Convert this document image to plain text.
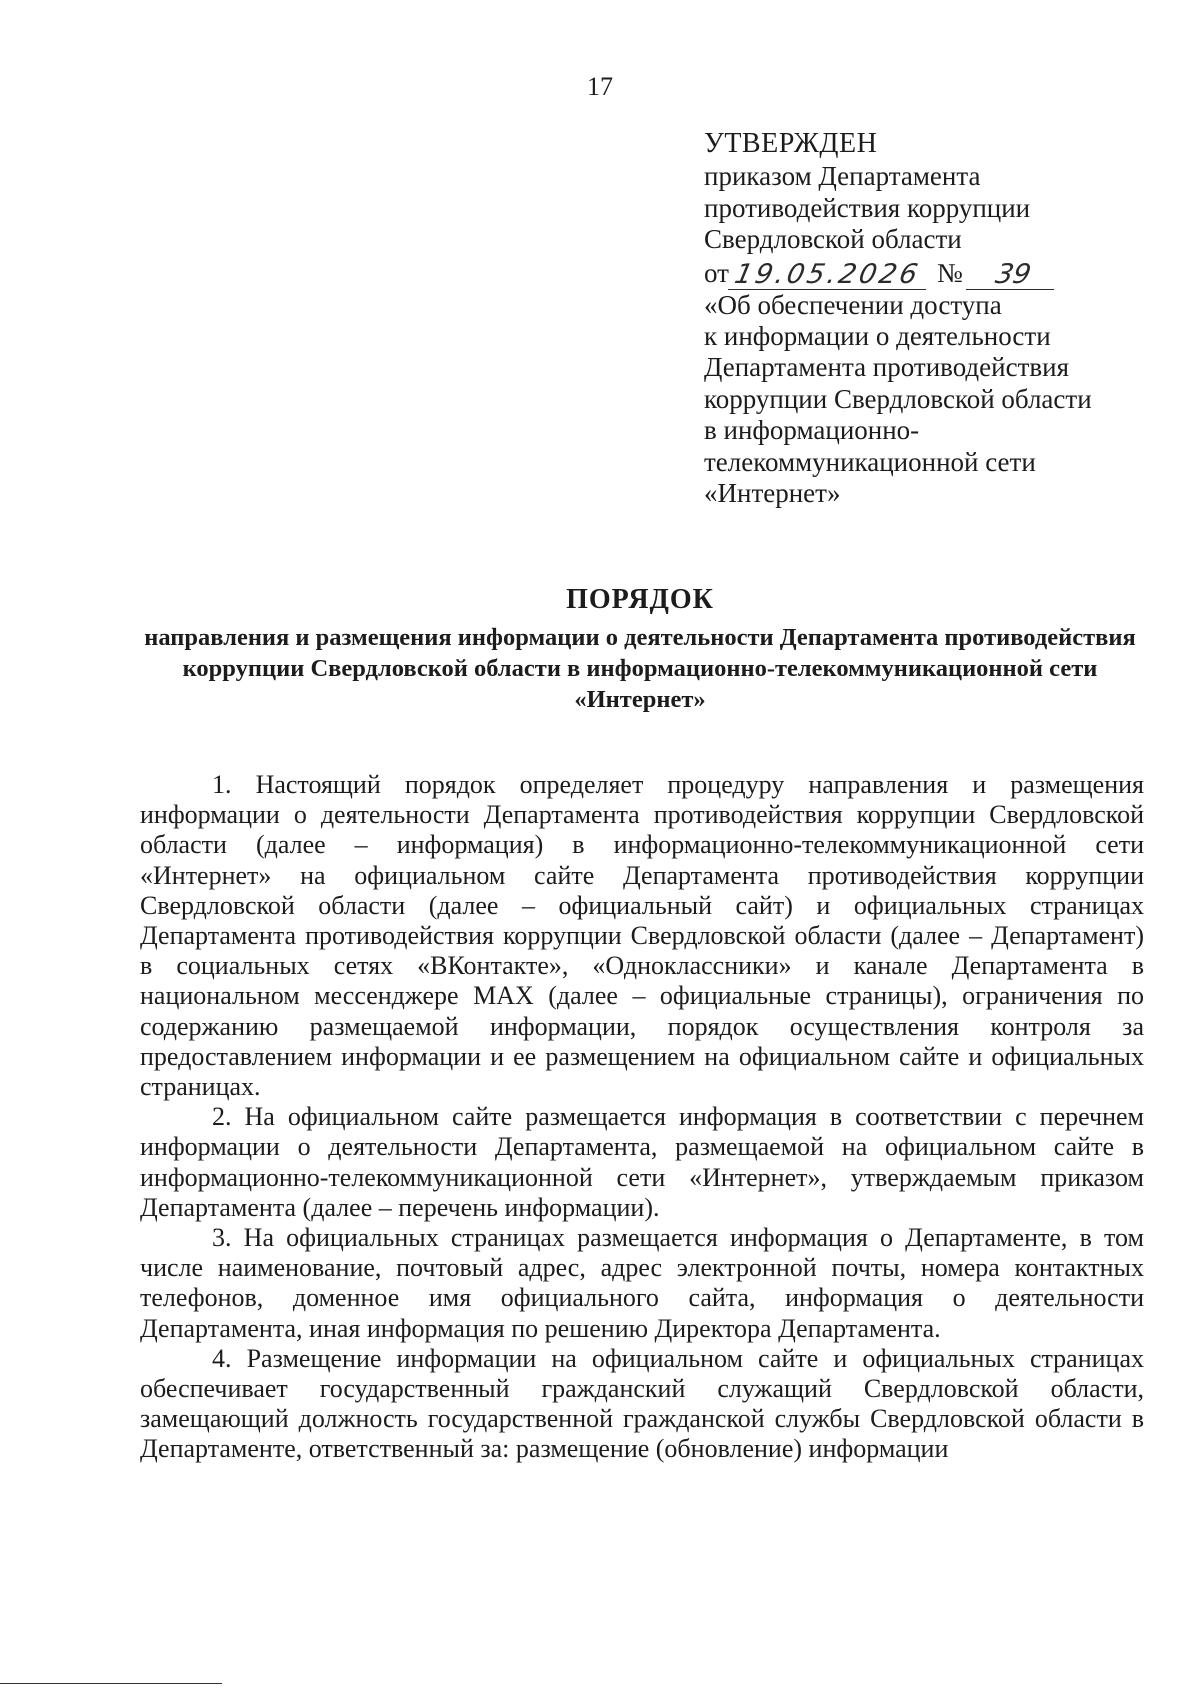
17
УТВЕРЖДЕН
приказом Департамента
противодействия коррупции
Свердловской области
от 19.05.2026 №	39
«Об обеспечении доступа
к информации о деятельности
Департамента противодействия
коррупции Свердловской области
в информационно-
телекоммуникационной сети
«Интернет»
ПОРЯДОК
направления и размещения информации о деятельности Департамента противодействия коррупции Свердловской области в информационно-телекоммуникационной сети «Интернет»

1. Настоящий порядок определяет процедуру направления и размещения информации о деятельности Департамента противодействия коррупции Свердловской области (далее – информация) в информационно-телекоммуникационной сети «Интернет» на официальном сайте Департамента противодействия коррупции Свердловской области (далее – официальный сайт) и официальных страницах Департамента противодействия коррупции Свердловской области (далее – Департамент) в социальных сетях «ВКонтакте», «Одноклассники» и канале Департамента в национальном мессенджере MAX (далее – официальные страницы), ограничения по содержанию размещаемой информации, порядок осуществления контроля за предоставлением информации и ее размещением на официальном сайте и официальных страницах.

2. На официальном сайте размещается информация в соответствии с перечнем информации о деятельности Департамента, размещаемой на официальном сайте в информационно-телекоммуникационной сети «Интернет», утверждаемым приказом Департамента (далее – перечень информации).

3. На официальных страницах размещается информация о Департаменте, в том числе наименование, почтовый адрес, адрес электронной почты, номера контактных телефонов, доменное имя официального сайта, информация о деятельности Департамента, иная информация по решению Директора Департамента.

4. Размещение информации на официальном сайте и официальных страницах обеспечивает государственный гражданский служащий Свердловской области, замещающий должность государственной гражданской службы Свердловской области в Департаменте, ответственный за: размещение (обновление) информации
